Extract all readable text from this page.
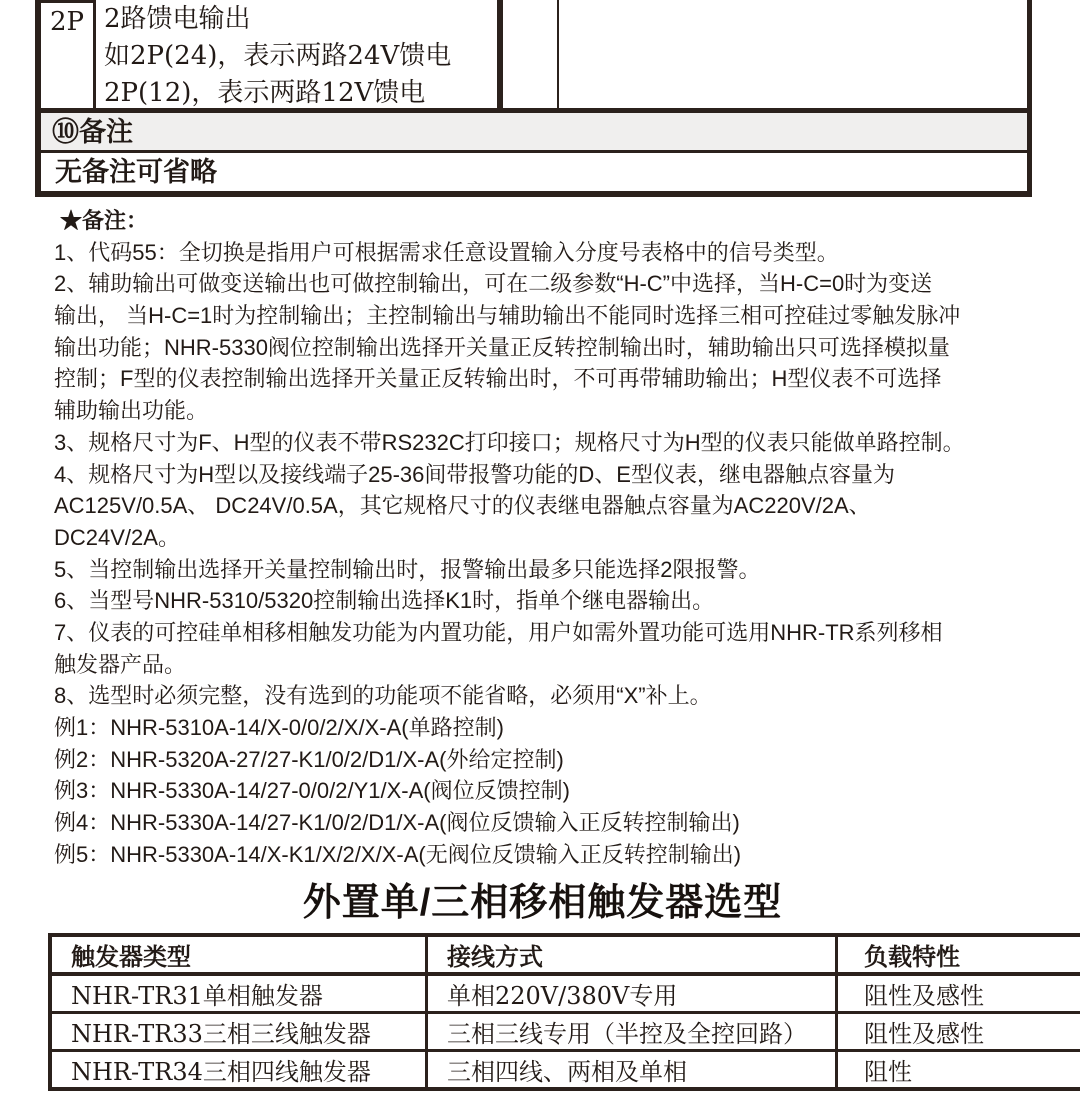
2P 2路馈电输出
如2P(24)，表示两路24V馈电
2P(12)，表示两路12V馈电
⑩备注
无备注可省略
★备注：
1、代码55：全切换是指用户可根据需求任意设置输入分度号表格中的信号类型。
2、辅助输出可做变送输出也可做控制输出，可在二级参数“H-C”中选择，当H-C=0时为变送
输出， 当H-C=1时为控制输出；主控制输出与辅助输出不能同时选择三相可控硅过零触发脉冲
输出功能；NHR-5330阀位控制输出选择开关量正反转控制输出时，辅助输出只可选择模拟量
控制；F型的仪表控制输出选择开关量正反转输出时，不可再带辅助输出；H型仪表不可选择
辅助输出功能。
3、规格尺寸为F、H型的仪表不带RS232C打印接口；规格尺寸为H型的仪表只能做单路控制。
4、规格尺寸为H型以及接线端子25-36间带报警功能的D、E型仪表，继电器触点容量为
AC125V/0.5A、 DC24V/0.5A，其它规格尺寸的仪表继电器触点容量为AC220V/2A、
DC24V/2A。
5、当控制输出选择开关量控制输出时，报警输出最多只能选择2限报警。
6、当型号NHR-5310/5320控制输出选择K1时，指单个继电器输出。
7、仪表的可控硅单相移相触发功能为内置功能，用户如需外置功能可选用NHR-TR系列移相
触发器产品。
8、选型时必须完整，没有选到的功能项不能省略，必须用“X”补上。
例1：NHR-5310A-14/X-0/0/2/X/X-A(单路控制)
例2：NHR-5320A-27/27-K1/0/2/D1/X-A(外给定控制)
例3：NHR-5330A-14/27-0/0/2/Y1/X-A(阀位反馈控制)
例4：NHR-5330A-14/27-K1/0/2/D1/X-A(阀位反馈输入正反转控制输出)
例5：NHR-5330A-14/X-K1/X/2/X/X-A(无阀位反馈输入正反转控制输出)
外置单/三相移相触发器选型
触发器类型	接线方式	负载特性
NHR-TR31单相触发器	单相220V/380V专用	阻性及感性
NHR-TR33三相三线触发器	三相三线专用（半控及全控回路）	阻性及感性
NHR-TR34三相四线触发器	三相四线、两相及单相	阻性
